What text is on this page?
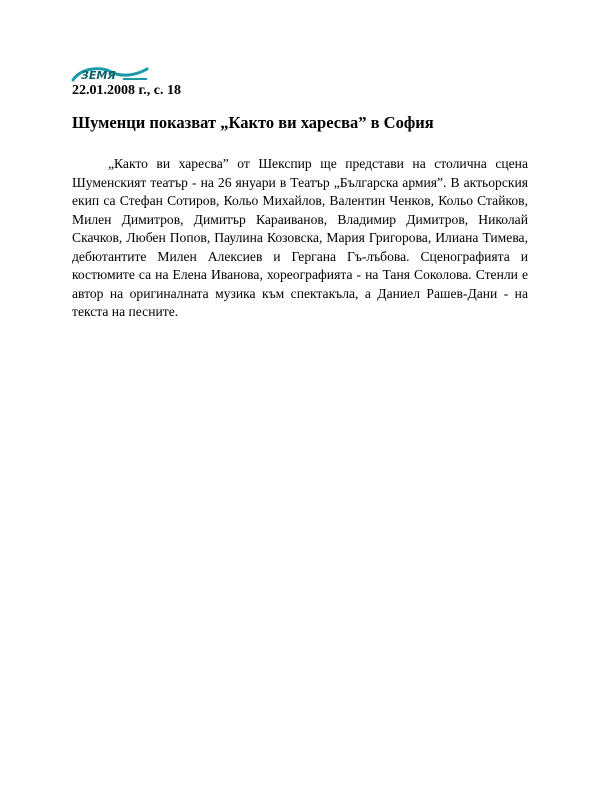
ЗЕМЯ

22.01.2008 г., с. 18

Шуменци показват „Както ви харесва” в София

„Както ви харесва” от Шекспир ще представи на столична сцена Шуменският театър - на 26 януари в Театър „Българска армия”. В актьорския екип са Стефан Сотиров, Кольо Михайлов, Валентин Ченков, Кольо Стайков, Милен Димитров, Димитър Караиванов, Владимир Димитров, Николай Скачков, Любен Попов, Паулина Козовска, Мария Григорова, Илиана Тимева, дебютантите Милен Алексиев и Гергана Гъ-лъбова. Сценографията и костюмите са на Елена Иванова, хореографията - на Таня Соколова. Стенли е автор на оригиналната музика към спектакъла, а Даниел Рашев-Дани - на текста на песните.
